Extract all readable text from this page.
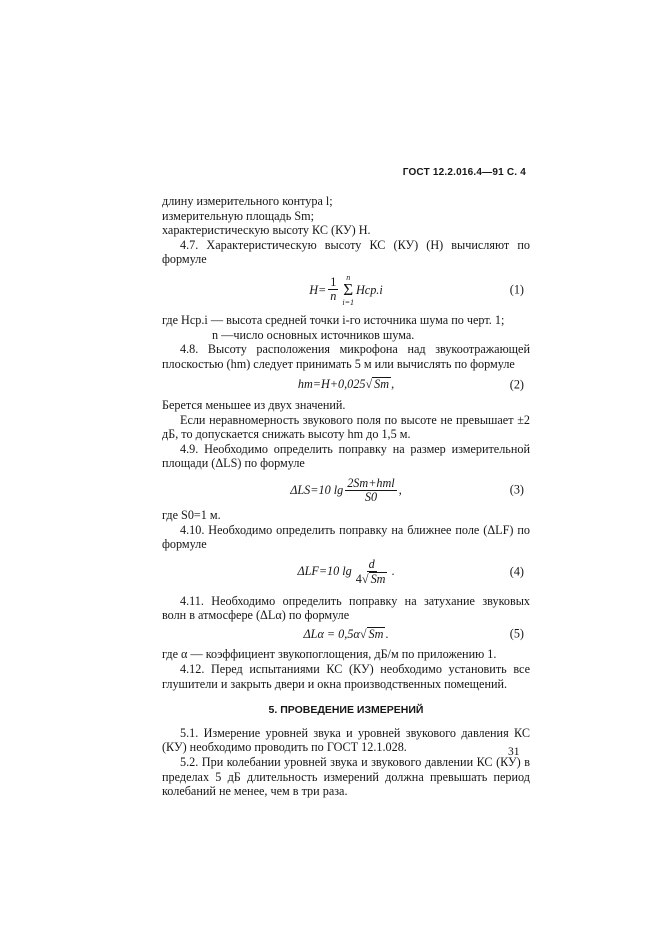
ГОСТ 12.2.016.4—91 С. 4

длину измерительного контура l;

измерительную площадь Sm;

характеристическую высоту КС (КУ) Н.

4.7. Характеристическую высоту КС (КУ) (Н) вычисляют по формуле

$H= \frac{1}{n}$ n
Σ
i=1
Hср.i	(1)

где Hср.i — высота средней точки i-го источника шума по черт. 1;

n —число основных источников шума.

4.8. Высоту расположения микрофона над звукоотражающей плоскостью (hm) следует принимать 5 м или вычислять по формуле

hm=H+0,025 √ Sm ,	(2)

Берется меньшее из двух значений.

Если неравномерность звукового поля по высоте не превышает ±2 дБ, то допускается снижать высоту hm до 1,5 м.

4.9. Необходимо определить поправку на размер измерительной площади (ΔLS) по формуле

ΔLS=10 $\lg \frac{\text{2Sm+hml}}{S0}$ ,	(3)

где S0=1 м.

4.10. Необходимо определить поправку на ближнее поле (ΔLF) по формуле

ΔLF=10 $\lg \frac{d}{4√ Sm}$ .	(4)

4.11. Необходимо определить поправку на затухание звуковых волн в атмосфере (ΔLα) по формуле

ΔLα = 0,5α √ Sm .	(5)

где α — коэффициент звукопоглощения, дБ/м по приложению 1.

4.12. Перед испытаниями КС (КУ) необходимо установить все глушители и закрыть двери и окна производственных помещений.

5. ПРОВЕДЕНИЕ ИЗМЕРЕНИЙ

5.1. Измерение уровней звука и уровней звукового давления КС (КУ) необходимо проводить по ГОСТ 12.1.028.

5.2. При колебании уровней звука и звукового давлении КС (КУ) в пределах 5 дБ длительность измерений должна превышать период колебаний не менее, чем в три раза.

31
